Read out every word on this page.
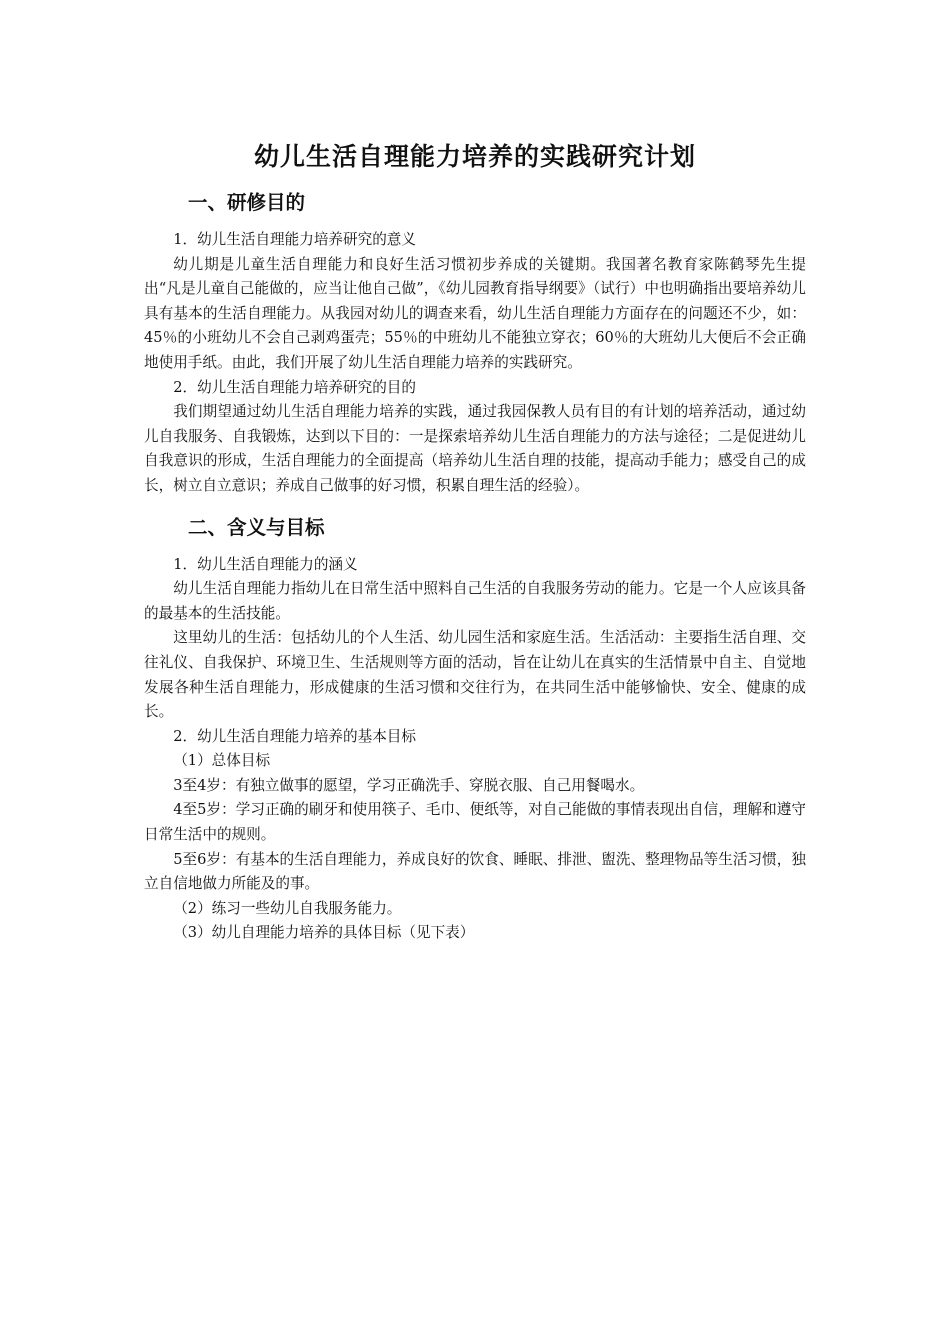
幼儿生活自理能力培养的实践研究计划
一、研修目的

1．幼儿生活自理能力培养研究的意义

幼儿期是儿童生活自理能力和良好生活习惯初步养成的关键期。我国著名教育家陈鹤琴先生提出“凡是儿童自己能做的，应当让他自己做”，《幼儿园教育指导纲要》（试行）中也明确指出要培养幼儿具有基本的生活自理能力。从我园对幼儿的调查来看，幼儿生活自理能力方面存在的问题还不少，如：45％的小班幼儿不会自己剥鸡蛋壳；55％的中班幼儿不能独立穿衣；60％的大班幼儿大便后不会正确地使用手纸。由此，我们开展了幼儿生活自理能力培养的实践研究。

2．幼儿生活自理能力培养研究的目的

我们期望通过幼儿生活自理能力培养的实践，通过我园保教人员有目的有计划的培养活动，通过幼儿自我服务、自我锻炼，达到以下目的：一是探索培养幼儿生活自理能力的方法与途径；二是促进幼儿自我意识的形成，生活自理能力的全面提高（培养幼儿生活自理的技能，提高动手能力；感受自己的成长，树立自立意识；养成自己做事的好习惯，积累自理生活的经验）。

二、含义与目标

1．幼儿生活自理能力的涵义

幼儿生活自理能力指幼儿在日常生活中照料自己生活的自我服务劳动的能力。它是一个人应该具备的最基本的生活技能。

这里幼儿的生活：包括幼儿的个人生活、幼儿园生活和家庭生活。生活活动：主要指生活自理、交往礼仪、自我保护、环境卫生、生活规则等方面的活动，旨在让幼儿在真实的生活情景中自主、自觉地发展各种生活自理能力，形成健康的生活习惯和交往行为，在共同生活中能够愉快、安全、健康的成长。

2．幼儿生活自理能力培养的基本目标

（1）总体目标

3至4岁：有独立做事的愿望，学习正确洗手、穿脱衣服、自己用餐喝水。

4至5岁：学习正确的刷牙和使用筷子、毛巾、便纸等，对自己能做的事情表现出自信，理解和遵守日常生活中的规则。

5至6岁：有基本的生活自理能力，养成良好的饮食、睡眠、排泄、盥洗、整理物品等生活习惯，独立自信地做力所能及的事。

（2）练习一些幼儿自我服务能力。

（3）幼儿自理能力培养的具体目标（见下表）
